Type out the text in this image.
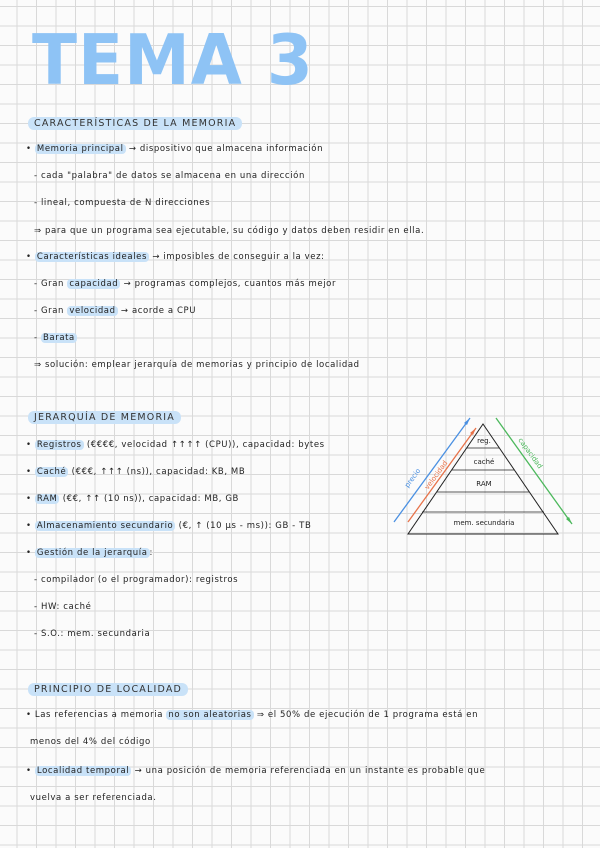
TEMA 3
CARACTERÍSTICAS DE LA MEMORIA
• Memoria principal → dispositivo que almacena información
- cada "palabra" de datos se almacena en una dirección
- lineal, compuesta de N direcciones
⇒ para que un programa sea ejecutable, su código y datos deben residir en ella.
• Características ideales → imposibles de conseguir a la vez:
- Gran capacidad → programas complejos, cuantos más mejor
- Gran velocidad → acorde a CPU
- Barata
⇒ solución: emplear jerarquía de memorias y principio de localidad
JERARQUÍA DE MEMORIA
• Registros (€€€€, velocidad ↑↑↑↑ (CPU)), capacidad: bytes
• Caché (€€€, ↑↑↑ (ns)), capacidad: KB, MB
• RAM (€€, ↑↑ (10 ns)), capacidad: MB, GB
• Almacenamiento secundario (€, ↑ (10 µs - ms)): GB - TB
• Gestión de la jerarquía :
- compilador (o el programador): registros
- HW: caché
- S.O.: mem. secundaria
reg.
caché
RAM
mem. secundaria
precio velocidad
capacidad
PRINCIPIO DE LOCALIDAD
• Las referencias a memoria no son aleatorias ⇒ el 50% de ejecución de 1 programa está en
menos del 4% del código
• Localidad temporal → una posición de memoria referenciada en un instante es probable que
vuelva a ser referenciada.
